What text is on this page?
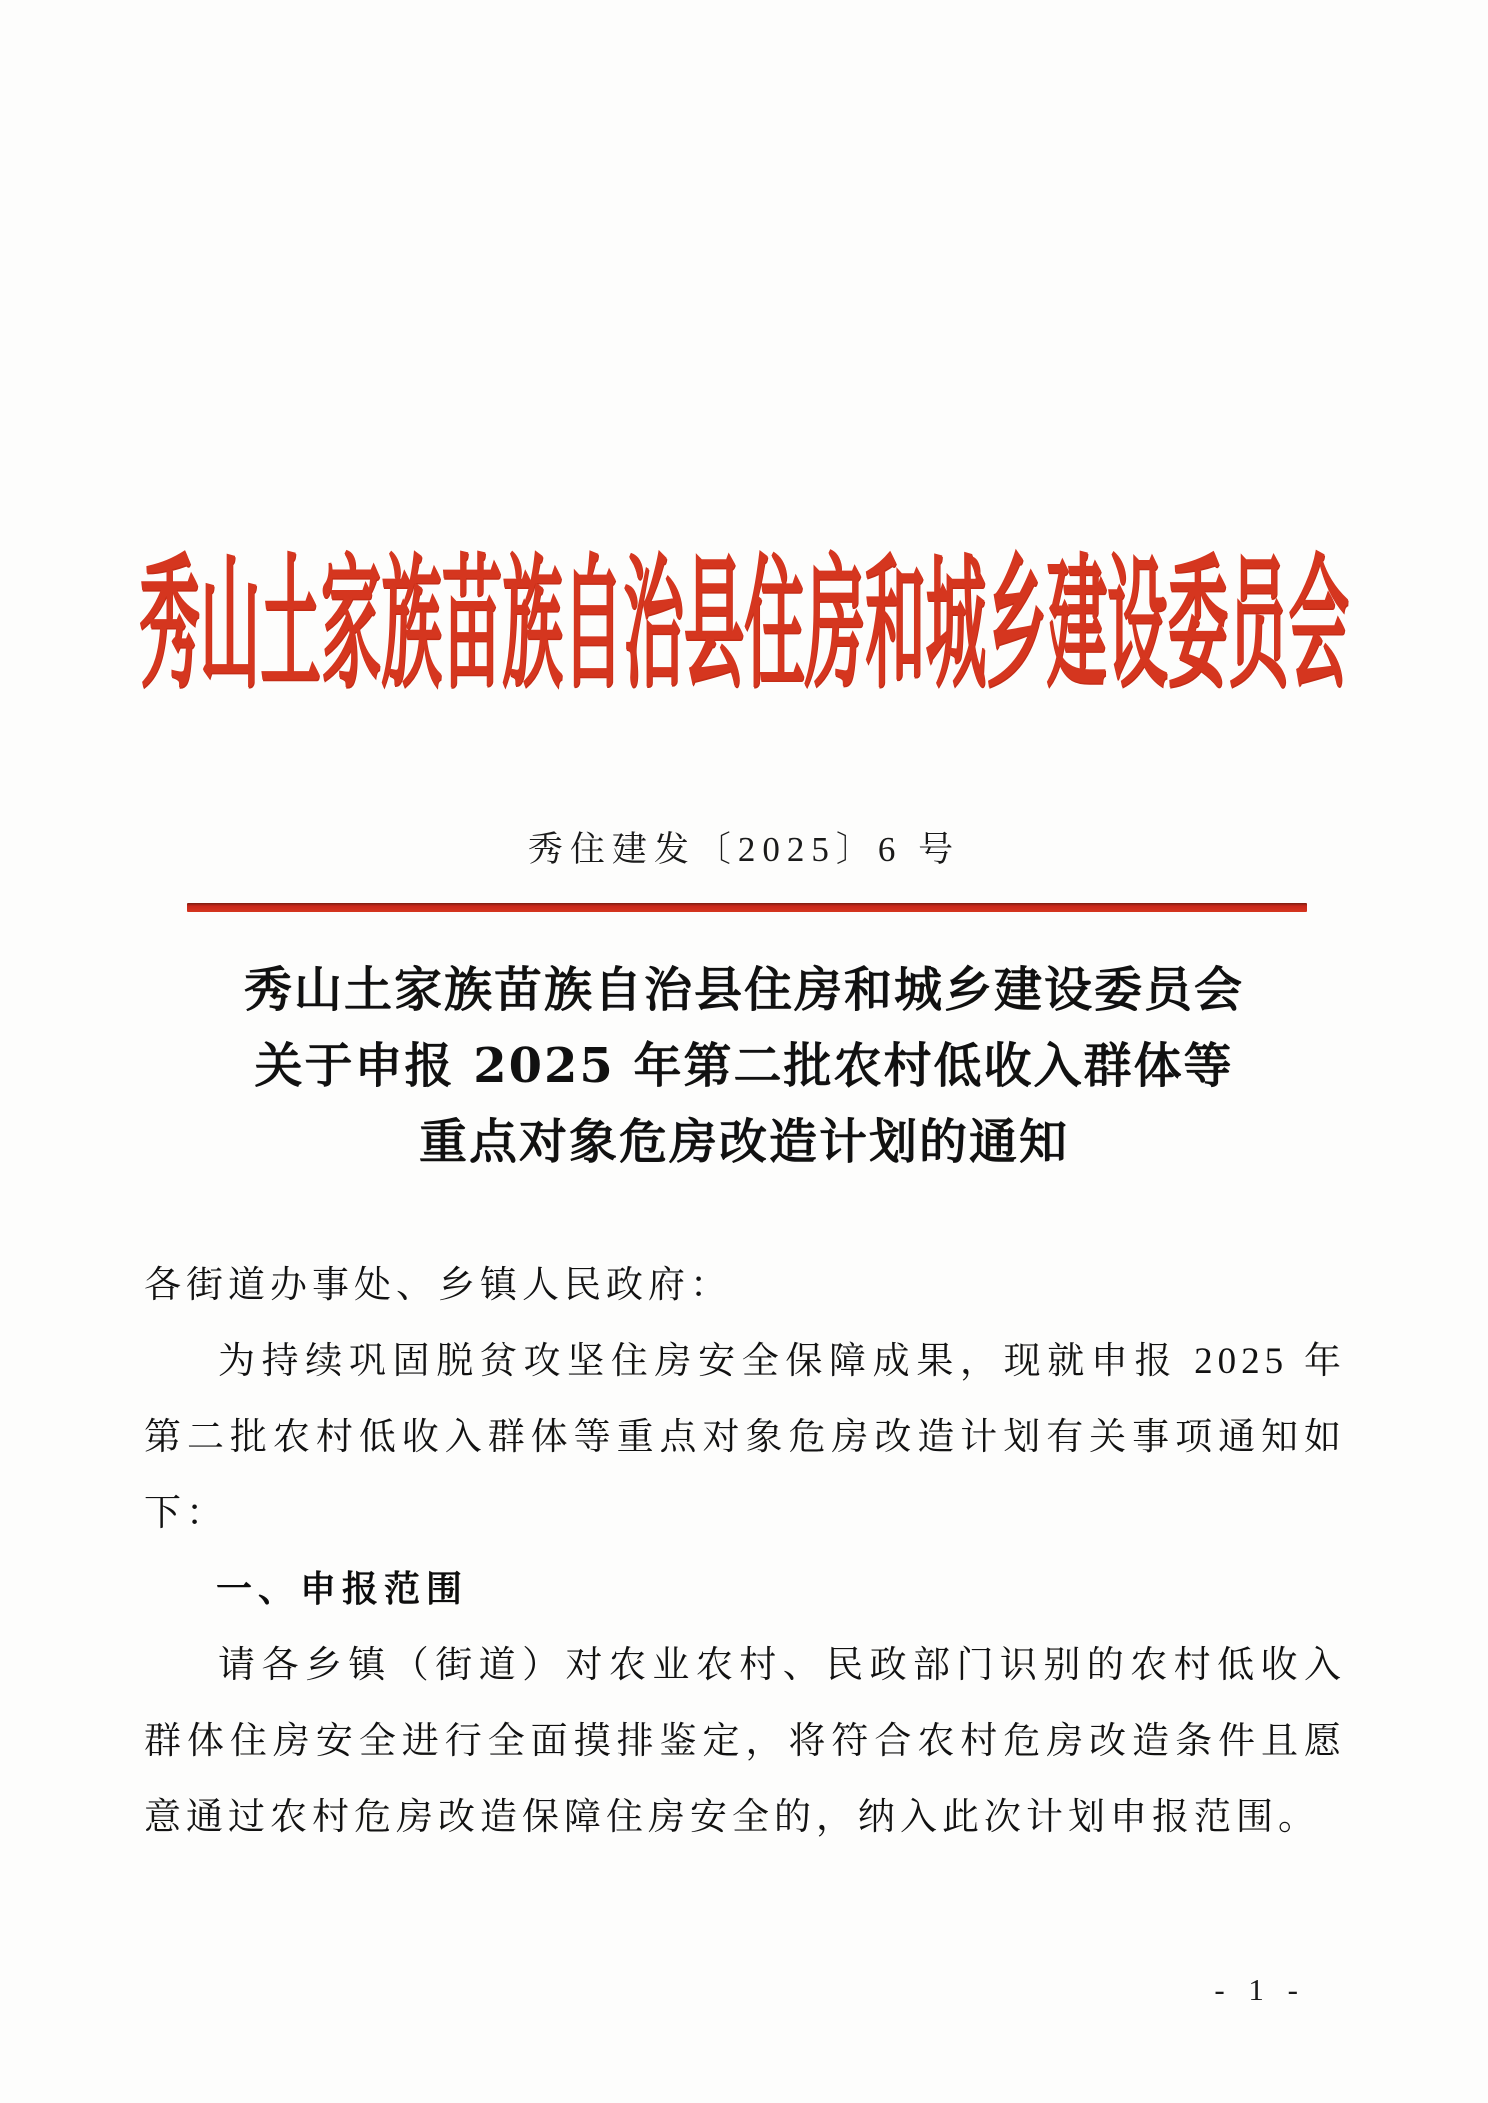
秀山土家族苗族自治县住房和城乡建设委员会
秀住建发〔2025〕6 号
秀山土家族苗族自治县住房和城乡建设委员会
关于申报 2025 年第二批农村低收入群体等
重点对象危房改造计划的通知

各街道办事处、乡镇人民政府：

为持续巩固脱贫攻坚住房安全保障成果，现就申报 2025 年第二批农村低收入群体等重点对象危房改造计划有关事项通知如下：

一、申报范围

请各乡镇（街道）对农业农村、民政部门识别的农村低收入群体住房安全进行全面摸排鉴定，将符合农村危房改造条件且愿意通过农村危房改造保障住房安全的，纳入此次计划申报范围。

- 1 -
